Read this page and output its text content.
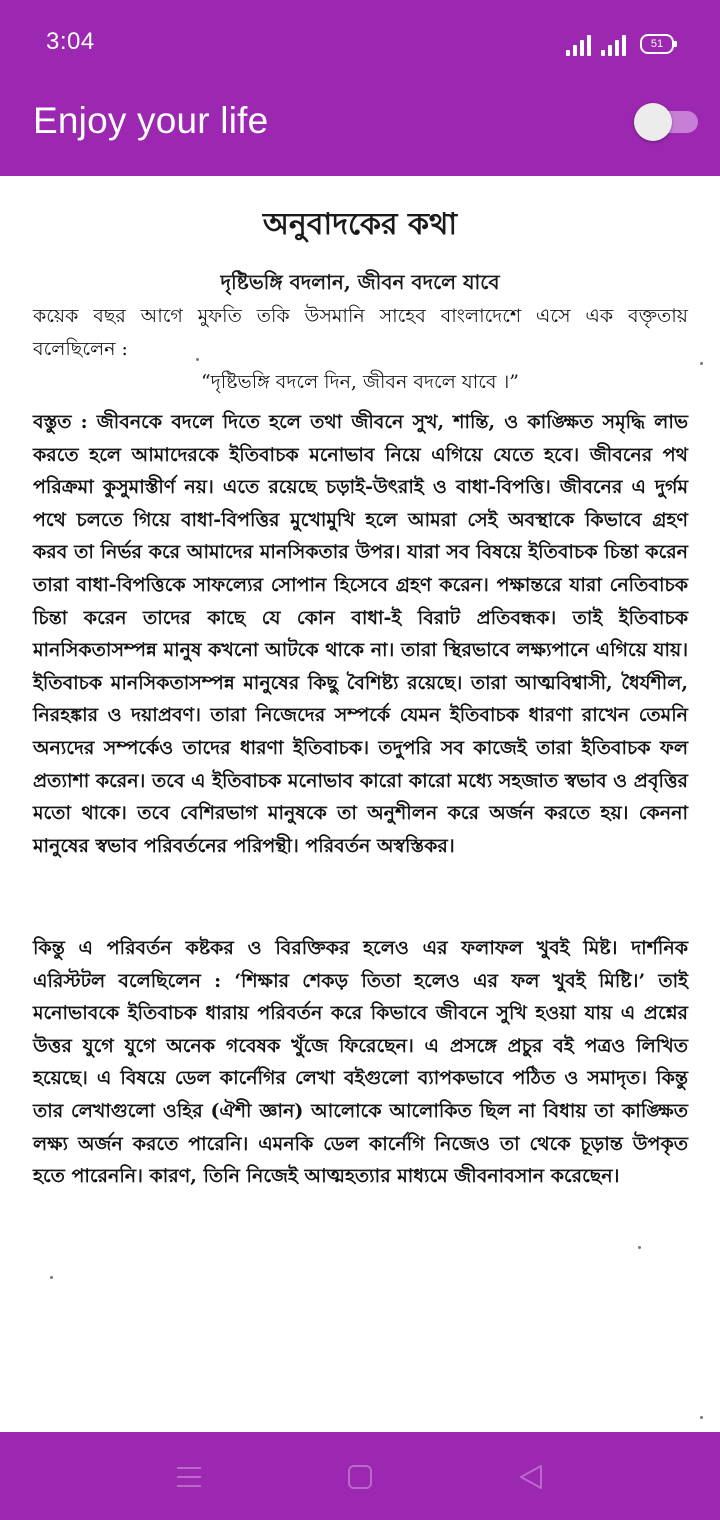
3:04	51
Enjoy your life
অনুবাদকের কথা
দৃষ্টিভঙ্গি বদলান, জীবন বদলে যাবে
কয়েক বছর আগে মুফতি তকি উসমানি সাহেব বাংলাদেশে এসে এক বক্তৃতায় বলেছিলেন :
“দৃষ্টিভঙ্গি বদলে দিন, জীবন বদলে যাবে ।”
বস্তুত : জীবনকে বদলে দিতে হলে তথা জীবনে সুখ, শান্তি, ও কাঙ্ক্ষিত সমৃদ্ধি লাভ করতে হলে আমাদেরকে ইতিবাচক মনোভাব নিয়ে এগিয়ে যেতে হবে। জীবনের পথ পরিক্রমা কুসুমাস্তীর্ণ নয়। এতে রয়েছে চড়াই-উৎরাই ও বাধা-বিপত্তি। জীবনের এ দুর্গম পথে চলতে গিয়ে বাধা-বিপত্তির মুখোমুখি হলে আমরা সেই অবস্থাকে কিভাবে গ্রহণ করব তা নির্ভর করে আমাদের মানসিকতার উপর। যারা সব বিষয়ে ইতিবাচক চিন্তা করেন তারা বাধা-বিপত্তিকে সাফল্যের সোপান হিসেবে গ্রহণ করেন। পক্ষান্তরে যারা নেতিবাচক চিন্তা করেন তাদের কাছে যে কোন বাধা-ই বিরাট প্রতিবন্ধক। তাই ইতিবাচক মানসিকতাসম্পন্ন মানুষ কখনো আটকে থাকে না। তারা স্থিরভাবে লক্ষ্যপানে এগিয়ে যায়। ইতিবাচক মানসিকতাসম্পন্ন মানুষের কিছু বৈশিষ্ট্য রয়েছে। তারা আত্মবিশ্বাসী, ধৈর্যশীল, নিরহঙ্কার ও দয়াপ্রবণ। তারা নিজেদের সম্পর্কে যেমন ইতিবাচক ধারণা রাখেন তেমনি অন্যদের সম্পর্কেও তাদের ধারণা ইতিবাচক। তদুপরি সব কাজেই তারা ইতিবাচক ফল প্রত্যাশা করেন। তবে এ ইতিবাচক মনোভাব কারো কারো মধ্যে সহজাত স্বভাব ও প্রবৃত্তির মতো থাকে। তবে বেশিরভাগ মানুষকে তা অনুশীলন করে অর্জন করতে হয়। কেননা মানুষের স্বভাব পরিবর্তনের পরিপন্থী। পরিবর্তন অস্বস্তিকর।
কিন্তু এ পরিবর্তন কষ্টকর ও বিরক্তিকর হলেও এর ফলাফল খুবই মিষ্ট। দার্শনিক এরিস্টটল বলেছিলেন : ‘শিক্ষার শেকড় তিতা হলেও এর ফল খুবই মিষ্টি।’ তাই মনোভাবকে ইতিবাচক ধারায় পরিবর্তন করে কিভাবে জীবনে সুখি হওয়া যায় এ প্রশ্নের উত্তর যুগে যুগে অনেক গবেষক খুঁজে ফিরেছেন। এ প্রসঙ্গে প্রচুর বই পত্রও লিখিত হয়েছে। এ বিষয়ে ডেল কার্নেগির লেখা বইগুলো ব্যাপকভাবে পঠিত ও সমাদৃত। কিন্তু তার লেখাগুলো ওহির (ঐশী জ্ঞান) আলোকে আলোকিত ছিল না বিধায় তা কাঙ্ক্ষিত লক্ষ্য অর্জন করতে পারেনি। এমনকি ডেল কার্নেগি নিজেও তা থেকে চূড়ান্ত উপকৃত হতে পারেননি। কারণ, তিনি নিজেই আত্মহত্যার মাধ্যমে জীবনাবসান করেছেন।
